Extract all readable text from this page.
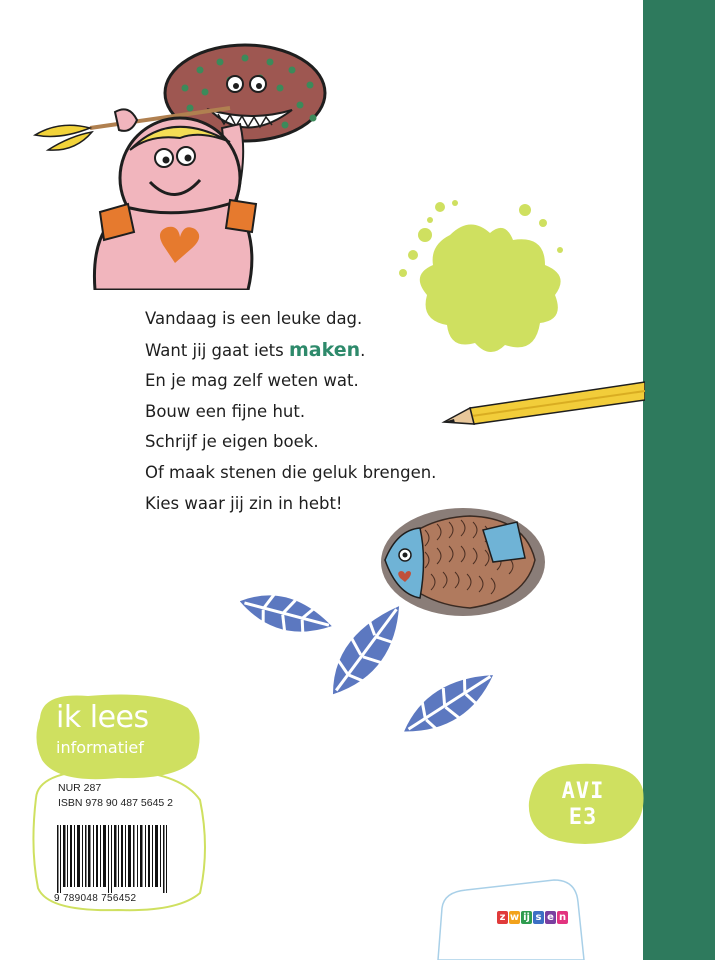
Vandaag is een leuke dag.
Want jij gaat iets maken.
En je mag zelf weten wat.
Bouw een fijne hut.
Schrijf je eigen boek.
Of maak stenen die geluk brengen.
Kies waar jij zin in hebt!
ik lees
informatief
NUR 287
ISBN 978 90 487 5645 2
9 789048 756452
AVI
E3
z w ij s e n
